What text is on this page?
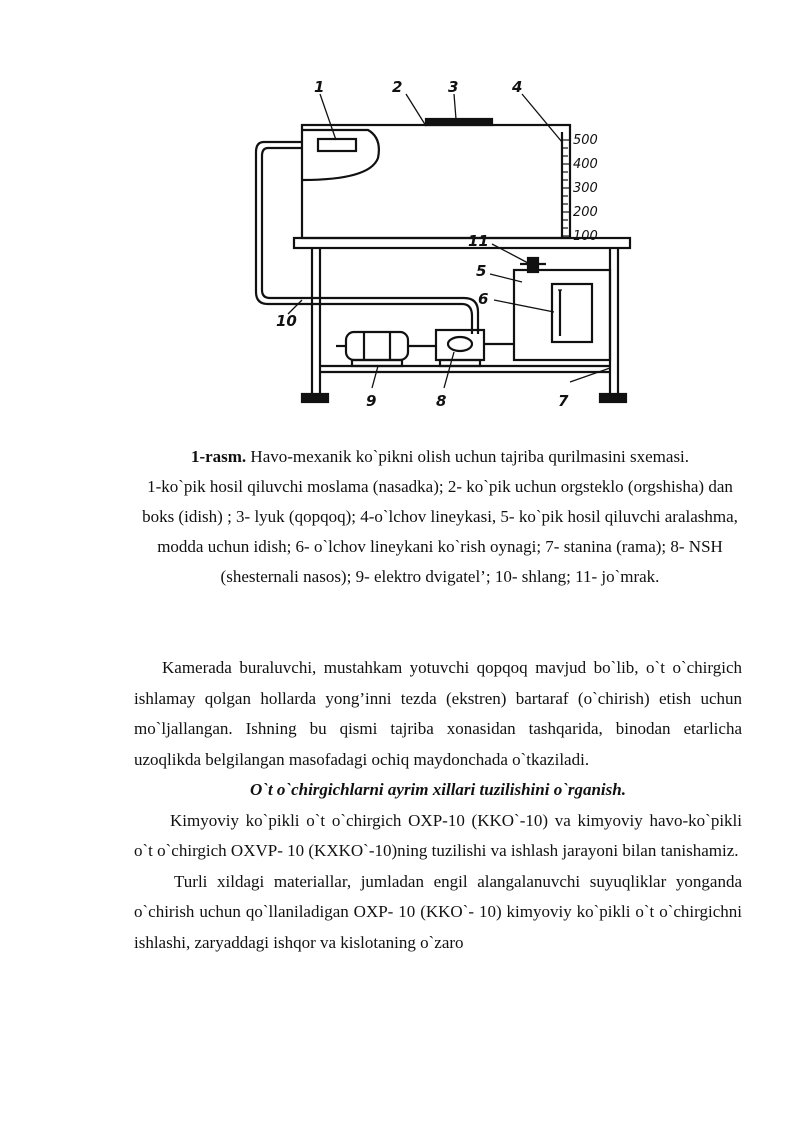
500
400
300
200
100
1	2	3	4
5
6
7
8
9
10
11

1-rasm. Havo-mexanik ko`pikni olish uchun tajriba qurilmasini sxemasi.

1-ko`pik hosil qiluvchi moslama (nasadka); 2- ko`pik uchun orgsteklo (orgshisha) dan boks (idish) ; 3- lyuk (qopqoq); 4-o`lchov lineykasi, 5- ko`pik hosil qiluvchi aralashma, modda uchun idish; 6- o`lchov lineykani ko`rish oynagi; 7- stanina (rama); 8- NSH (shesternali nasos); 9- elektro dvigatel’; 10- shlang; 11- jo`mrak.

Kamerada buraluvchi, mustahkam yotuvchi qopqoq mavjud bo`lib, o`t o`chirgich ishlamay qolgan hollarda yong’inni tezda (ekstren) bartaraf (o`chirish) etish uchun mo`ljallangan. Ishning bu qismi tajriba xonasidan tashqarida, binodan etarlicha uzoqlikda belgilangan masofadagi ochiq maydonchada o`tkaziladi.

O`t o`chirgichlarni ayrim xillari tuzilishini o`rganish.

Kimyoviy ko`pikli o`t o`chirgich OXP-10 (KKO`-10) va kimyoviy havo-ko`pikli o`t o`chirgich OXVP- 10 (KXKO`-10)ning tuzilishi va ishlash jarayoni bilan tanishamiz.

Turli xildagi materiallar, jumladan engil alangalanuvchi suyuqliklar yonganda o`chirish uchun qo`llaniladigan OXP- 10 (KKO`- 10) kimyoviy ko`pikli o`t o`chirgichni ishlashi, zaryaddagi ishqor va kislotaning o`zaro
